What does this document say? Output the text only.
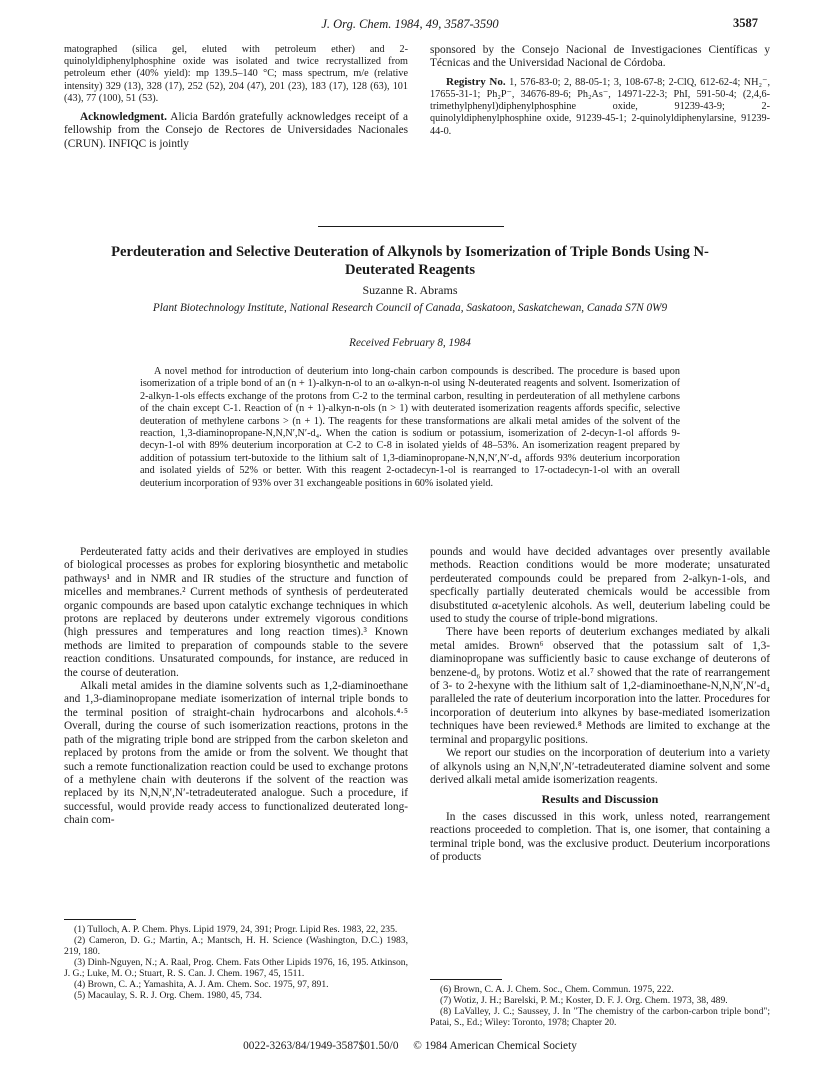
J. Org. Chem. 1984, 49, 3587-3590	3587

matographed (silica gel, eluted with petroleum ether) and 2-quinolyldiphenylphosphine oxide was isolated and twice recrystallized from petroleum ether (40% yield): mp 139.5–140 °C; mass spectrum, m/e (relative intensity) 329 (13), 328 (17), 252 (52), 204 (47), 201 (23), 183 (17), 128 (63), 101 (43), 77 (100), 51 (53).

Acknowledgment. Alicia Bardón gratefully acknowledges receipt of a fellowship from the Consejo de Rectores de Universidades Nacionales (CRUN). INFIQC is jointly

sponsored by the Consejo Nacional de Investigaciones Científicas y Técnicas and the Universidad Nacional de Córdoba.

Registry No. 1, 576-83-0; 2, 88-05-1; 3, 108-67-8; 2-ClQ, 612-62-4; NH₂⁻, 17655-31-1; Ph₂P⁻, 34676-89-6; Ph₂As⁻, 14971-22-3; PhI, 591-50-4; (2,4,6-trimethylphenyl)diphenylphosphine oxide, 91239-43-9; 2-quinolyldiphenylphosphine oxide, 91239-45-1; 2-quinolyldiphenylarsine, 91239-44-0.

Perdeuteration and Selective Deuteration of Alkynols by Isomerization of Triple Bonds Using N-Deuterated Reagents
Suzanne R. Abrams
Plant Biotechnology Institute, National Research Council of Canada, Saskatoon, Saskatchewan, Canada S7N 0W9
Received February 8, 1984
A novel method for introduction of deuterium into long-chain carbon compounds is described. The procedure is based upon isomerization of a triple bond of an (n + 1)-alkyn-n-ol to an ω-alkyn-n-ol using N-deuterated reagents and solvent. Isomerization of 2-alkyn-1-ols effects exchange of the protons from C-2 to the terminal carbon, resulting in perdeuteration of all methylene carbons of the chain except C-1. Reaction of (n + 1)-alkyn-n-ols (n > 1) with deuterated isomerization reagents affords specific, selective deuteration of methylene carbons > (n + 1). The reagents for these transformations are alkali metal amides of the solvent of the reaction, 1,3-diaminopropane-N,N,N′,N′-d₄. When the cation is sodium or potassium, isomerization of 2-decyn-1-ol affords 9-decyn-1-ol with 89% deuterium incorporation at C-2 to C-8 in isolated yields of 48–53%. An isomerization reagent prepared by addition of potassium tert-butoxide to the lithium salt of 1,3-diaminopropane-N,N,N′,N′-d₄ affords 93% deuterium incorporation and isolated yields of 52% or better. With this reagent 2-octadecyn-1-ol is rearranged to 17-octadecyn-1-ol with an overall deuterium incorporation of 93% over 31 exchangeable positions in 60% isolated yield.

Perdeuterated fatty acids and their derivatives are employed in studies of biological processes as probes for exploring biosynthetic and metabolic pathways¹ and in NMR and IR studies of the structure and function of micelles and membranes.² Current methods of synthesis of perdeuterated organic compounds are based upon catalytic exchange techniques in which protons are replaced by deuterons under extremely vigorous conditions (high pressures and temperatures and long reaction times).³ Known methods are limited to preparation of compounds stable to the severe reaction conditions. Unsaturated compounds, for instance, are reduced in the course of deuteration.

Alkali metal amides in the diamine solvents such as 1,2-diaminoethane and 1,3-diaminopropane mediate isomerization of internal triple bonds to the terminal position of straight-chain hydrocarbons and alcohols.⁴·⁵ Overall, during the course of such isomerization reactions, protons in the path of the migrating triple bond are stripped from the carbon skeleton and replaced by protons from the amide or from the solvent. We thought that such a remote functionalization reaction could be used to exchange protons of a methylene chain with deuterons if the solvent of the reaction was replaced by its N,N,N′,N′-tetradeuterated analogue. Such a procedure, if successful, would provide ready access to functionalized deuterated long-chain com-

pounds and would have decided advantages over presently available methods. Reaction conditions would be more moderate; unsaturated perdeuterated compounds could be prepared from 2-alkyn-1-ols, and specfically partially deuterated chemicals would be accessible from disubstituted α-acetylenic alcohols. As well, deuterium labeling could be used to study the course of triple-bond migrations.

There have been reports of deuterium exchanges mediated by alkali metal amides. Brown⁶ observed that the potassium salt of 1,3-diaminopropane was sufficiently basic to cause exchange of deuterons of benzene-d₆ by protons. Wotiz et al.⁷ showed that the rate of rearrangement of 3- to 2-hexyne with the lithium salt of 1,2-diaminoethane-N,N,N′,N′-d₄ paralleled the rate of deuterium incorporation into the latter. Procedures for incorporation of deuterium into alkynes by base-mediated isomerization techniques have been reviewed.⁸ Methods are limited to exchange at the terminal and propargylic positions.

We report our studies on the incorporation of deuterium into a variety of alkynols using an N,N,N′,N′-tetradeuterated diamine solvent and some derived alkali metal amide isomerization reagents.

Results and Discussion

In the cases discussed in this work, unless noted, rearrangement reactions proceeded to completion. That is, one isomer, that containing a terminal triple bond, was the exclusive product. Deuterium incorporations of products

(1) Tulloch, A. P. Chem. Phys. Lipid 1979, 24, 391; Progr. Lipid Res. 1983, 22, 235.

(2) Cameron, D. G.; Martin, A.; Mantsch, H. H. Science (Washington, D.C.) 1983, 219, 180.

(3) Dinh-Nguyen, N.; A. Raal, Prog. Chem. Fats Other Lipids 1976, 16, 195. Atkinson, J. G.; Luke, M. O.; Stuart, R. S. Can. J. Chem. 1967, 45, 1511.

(4) Brown, C. A.; Yamashita, A. J. Am. Chem. Soc. 1975, 97, 891.

(5) Macaulay, S. R. J. Org. Chem. 1980, 45, 734.

(6) Brown, C. A. J. Chem. Soc., Chem. Commun. 1975, 222.

(7) Wotiz, J. H.; Barelski, P. M.; Koster, D. F. J. Org. Chem. 1973, 38, 489.

(8) LaValley, J. C.; Saussey, J. In "The chemistry of the carbon-carbon triple bond"; Patai, S., Ed.; Wiley: Toronto, 1978; Chapter 20.

0022-3263/84/1949-3587$01.50/0 © 1984 American Chemical Society
